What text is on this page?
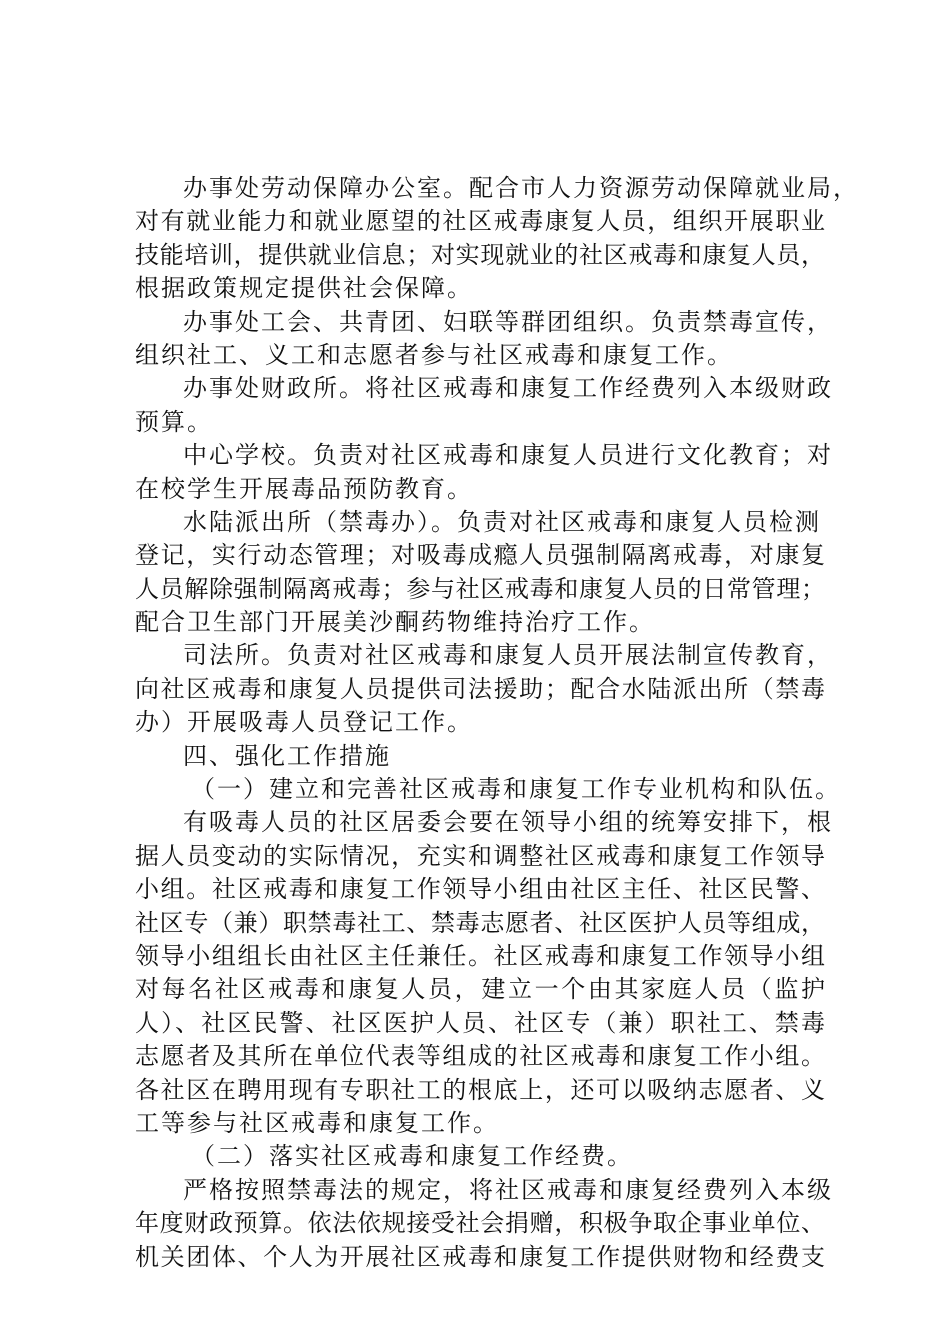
办事处劳动保障办公室。配合市人力资源劳动保障就业局，
对有就业能力和就业愿望的社区戒毒康复人员，组织开展职业
技能培训，提供就业信息；对实现就业的社区戒毒和康复人员，
根据政策规定提供社会保障。
办事处工会、共青团、妇联等群团组织。负责禁毒宣传，
组织社工、义工和志愿者参与社区戒毒和康复工作。
办事处财政所。将社区戒毒和康复工作经费列入本级财政
预算。
中心学校。负责对社区戒毒和康复人员进行文化教育；对
在校学生开展毒品预防教育。
水陆派出所（禁毒办）。负责对社区戒毒和康复人员检测
登记，实行动态管理；对吸毒成瘾人员强制隔离戒毒，对康复
人员解除强制隔离戒毒；参与社区戒毒和康复人员的日常管理；
配合卫生部门开展美沙酮药物维持治疗工作。
司法所。负责对社区戒毒和康复人员开展法制宣传教育，
向社区戒毒和康复人员提供司法援助；配合水陆派出所（禁毒
办）开展吸毒人员登记工作。
四、强化工作措施
（一）建立和完善社区戒毒和康复工作专业机构和队伍。
有吸毒人员的社区居委会要在领导小组的统筹安排下，根
据人员变动的实际情况，充实和调整社区戒毒和康复工作领导
小组。社区戒毒和康复工作领导小组由社区主任、社区民警、
社区专（兼）职禁毒社工、禁毒志愿者、社区医护人员等组成，
领导小组组长由社区主任兼任。社区戒毒和康复工作领导小组
对每名社区戒毒和康复人员，建立一个由其家庭人员（监护
人）、社区民警、社区医护人员、社区专（兼）职社工、禁毒
志愿者及其所在单位代表等组成的社区戒毒和康复工作小组。
各社区在聘用现有专职社工的根底上，还可以吸纳志愿者、义
工等参与社区戒毒和康复工作。
（二）落实社区戒毒和康复工作经费。
严格按照禁毒法的规定，将社区戒毒和康复经费列入本级
年度财政预算。依法依规接受社会捐赠，积极争取企事业单位、
机关团体、个人为开展社区戒毒和康复工作提供财物和经费支
